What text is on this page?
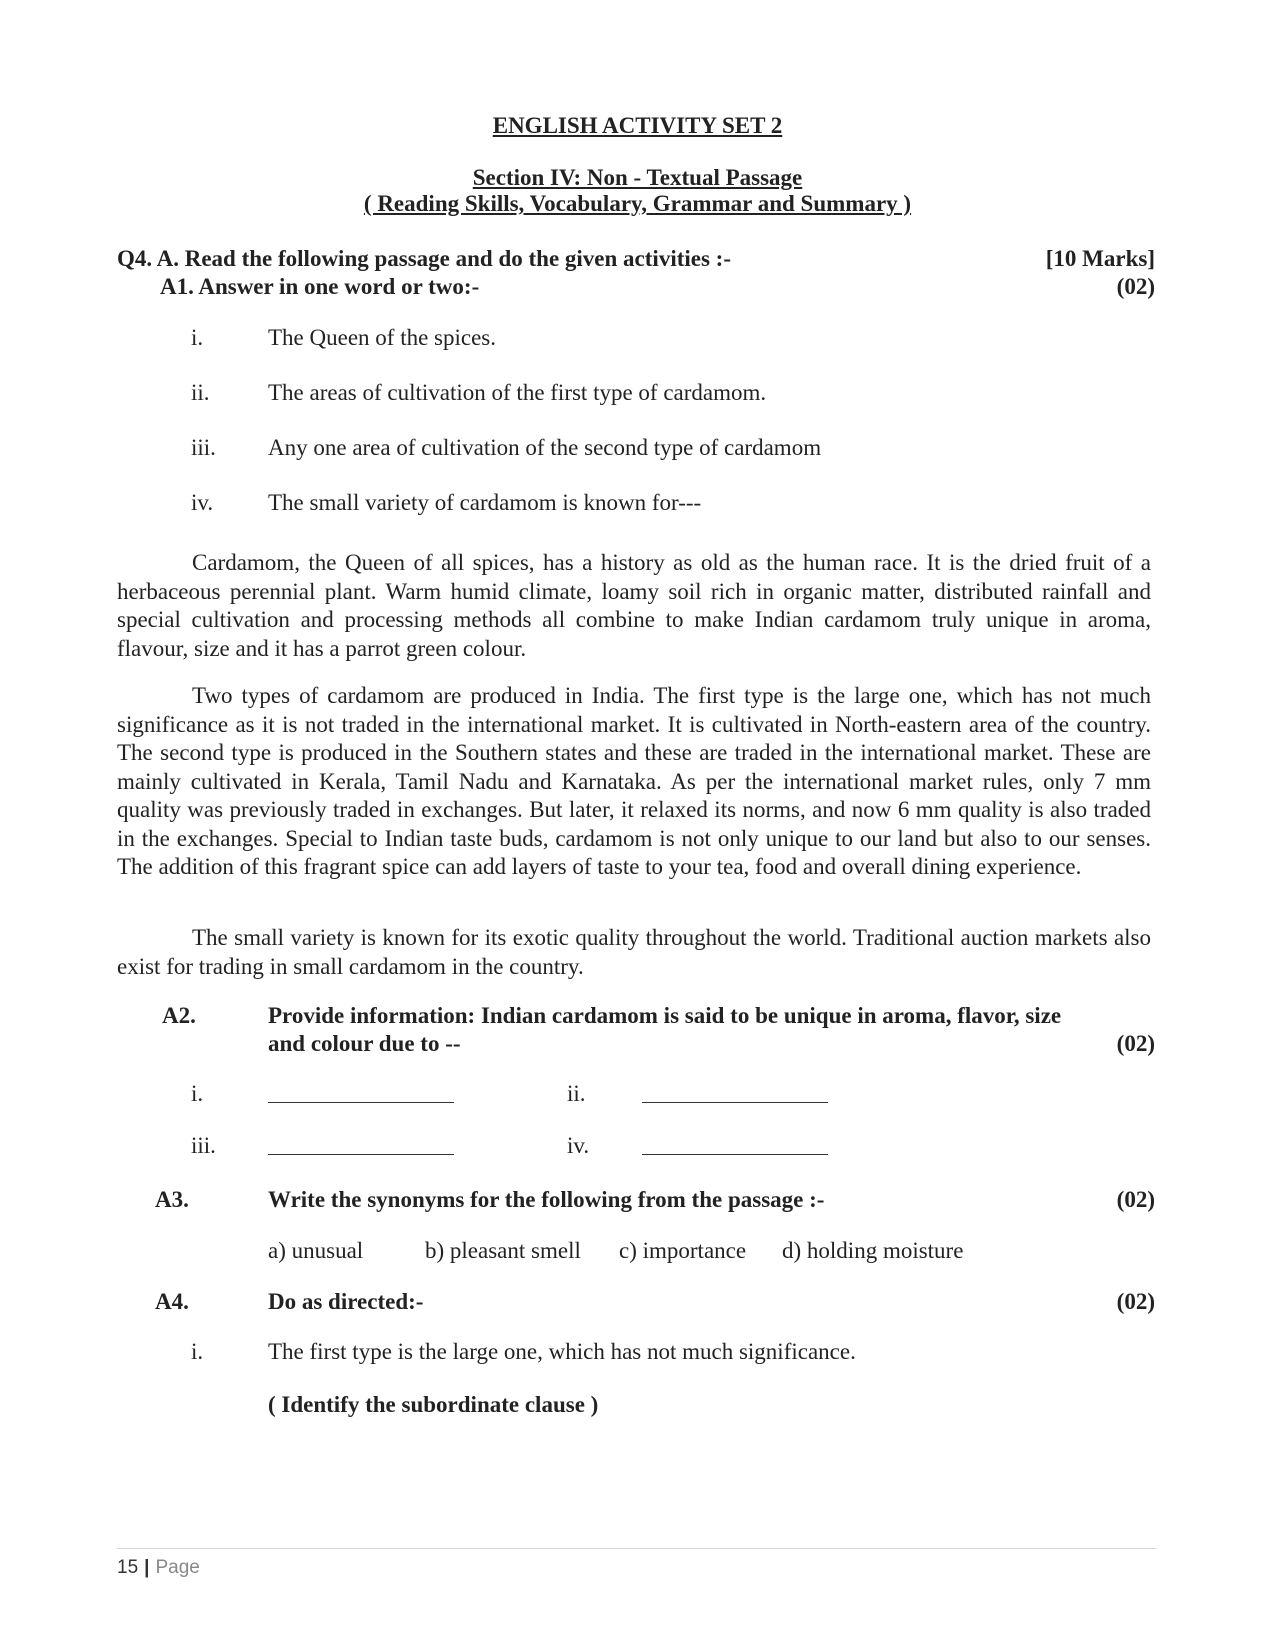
ENGLISH ACTIVITY SET 2
Section IV: Non - Textual Passage
( Reading Skills, Vocabulary, Grammar and Summary )
Q4. A. Read the following passage and do the given activities :-	[10 Marks]
A1. Answer in one word or two:-	(02)
i.	The Queen of the spices.
ii.	The areas of cultivation of the first type of cardamom.
iii. Any one area of cultivation of the second type of cardamom
iv. The small variety of cardamom is known for---
Cardamom, the Queen of all spices, has a history as old as the human race. It is the dried fruit of a herbaceous perennial plant. Warm humid climate, loamy soil rich in organic matter, distributed rainfall and special cultivation and processing methods all combine to make Indian cardamom truly unique in aroma, flavour, size and it has a parrot green colour.
Two types of cardamom are produced in India. The first type is the large one, which has not much significance as it is not traded in the international market. It is cultivated in North-eastern area of the country. The second type is produced in the Southern states and these are traded in the international market. These are mainly cultivated in Kerala, Tamil Nadu and Karnataka. As per the international market rules, only 7 mm quality was previously traded in exchanges. But later, it relaxed its norms, and now 6 mm quality is also traded in the exchanges. Special to Indian taste buds, cardamom is not only unique to our land but also to our senses. The addition of this fragrant spice can add layers of taste to your tea, food and overall dining experience.
The small variety is known for its exotic quality throughout the world. Traditional auction markets also exist for trading in small cardamom in the country.
A2.	Provide information: Indian cardamom is said to be unique in aroma, flavor, size
and colour due to --	(02)
i.	ii.
iii.	iv.
A3.	Write the synonyms for the following from the passage :-	(02)
a) unusual	b) pleasant smell c) importance d) holding moisture
A4.	Do as directed:-	(02)
i.	The first type is the large one, which has not much significance.
( Identify the subordinate clause )
15 | Page
